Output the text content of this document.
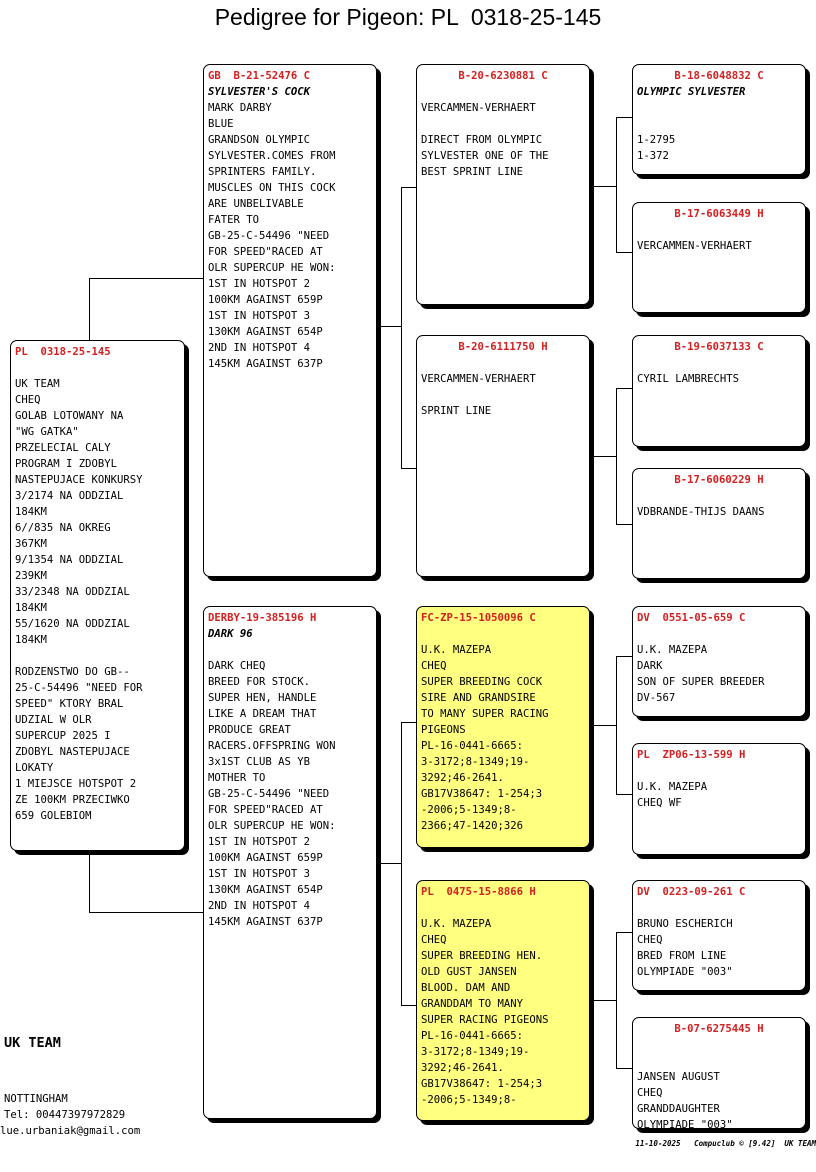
Pedigree for Pigeon: PL  0318-25-145
PL  0318-25-145
UK TEAM
CHEQ
GOLAB LOTOWANY NA
"WG GATKA"
PRZELECIAL CALY
PROGRAM I ZDOBYL
NASTEPUJACE KONKURSY
3/2174 NA ODDZIAL
184KM
6//835 NA OKREG
367KM
9/1354 NA ODDZIAL
239KM
33/2348 NA ODDZIAL
184KM
55/1620 NA ODDZIAL
184KM
RODZENSTWO DO GB--
25-C-54496 "NEED FOR
SPEED" KTORY BRAL
UDZIAL W OLR
SUPERCUP 2025 I
ZDOBYL NASTEPUJACE
LOKATY
1 MIEJSCE HOTSPOT 2
ZE 100KM PRZECIWKO
659 GOLEBIOM
GB  B-21-52476 C
SYLVESTER'S COCK
MARK DARBY
BLUE
GRANDSON OLYMPIC
SYLVESTER.COMES FROM
SPRINTERS FAMILY.
MUSCLES ON THIS COCK
ARE UNBELIVABLE
FATER TO
GB-25-C-54496 "NEED
FOR SPEED"RACED AT
OLR SUPERCUP HE WON:
1ST IN HOTSPOT 2
100KM AGAINST 659P
1ST IN HOTSPOT 3
130KM AGAINST 654P
2ND IN HOTSPOT 4
145KM AGAINST 637P
DERBY-19-385196 H
DARK 96
DARK CHEQ
BREED FOR STOCK.
SUPER HEN, HANDLE
LIKE A DREAM THAT
PRODUCE GREAT
RACERS.OFFSPRING WON
3x1ST CLUB AS YB
MOTHER TO
GB-25-C-54496 "NEED
FOR SPEED"RACED AT
OLR SUPERCUP HE WON:
1ST IN HOTSPOT 2
100KM AGAINST 659P
1ST IN HOTSPOT 3
130KM AGAINST 654P
2ND IN HOTSPOT 4
145KM AGAINST 637P
B-20-6230881 C
VERCAMMEN-VERHAERT
DIRECT FROM OLYMPIC
SYLVESTER ONE OF THE
BEST SPRINT LINE
B-20-6111750 H
VERCAMMEN-VERHAERT
SPRINT LINE
FC-ZP-15-1050096 C
U.K. MAZEPA
CHEQ
SUPER BREEDING COCK
SIRE AND GRANDSIRE
TO MANY SUPER RACING
PIGEONS
PL-16-0441-6665:
3-3172;8-1349;19-
3292;46-2641.
GB17V38647: 1-254;3
-2006;5-1349;8-
2366;47-1420;326
PL  0475-15-8866 H
U.K. MAZEPA
CHEQ
SUPER BREEDING HEN.
OLD GUST JANSEN
BLOOD. DAM AND
GRANDDAM TO MANY
SUPER RACING PIGEONS
PL-16-0441-6665:
3-3172;8-1349;19-
3292;46-2641.
GB17V38647: 1-254;3
-2006;5-1349;8-
B-18-6048832 C
OLYMPIC SYLVESTER
1-2795
1-372
B-17-6063449 H
VERCAMMEN-VERHAERT
B-19-6037133 C
CYRIL LAMBRECHTS
B-17-6060229 H
VDBRANDE-THIJS DAANS
DV  0551-05-659 C
U.K. MAZEPA
DARK
SON OF SUPER BREEDER
DV-567
PL  ZP06-13-599 H
U.K. MAZEPA
CHEQ WF
DV  0223-09-261 C
BRUNO ESCHERICH
CHEQ
BRED FROM LINE
OLYMPIADE "003"
B-07-6275445 H
JANSEN AUGUST
CHEQ
GRANDDAUGHTER
OLYMPIADE "003"
UK TEAM
NOTTINGHAM
Tel: 00447397972829
lue.urbaniak@gmail.com
11-10-2025   Compuclub © [9.42]  UK TEAM
